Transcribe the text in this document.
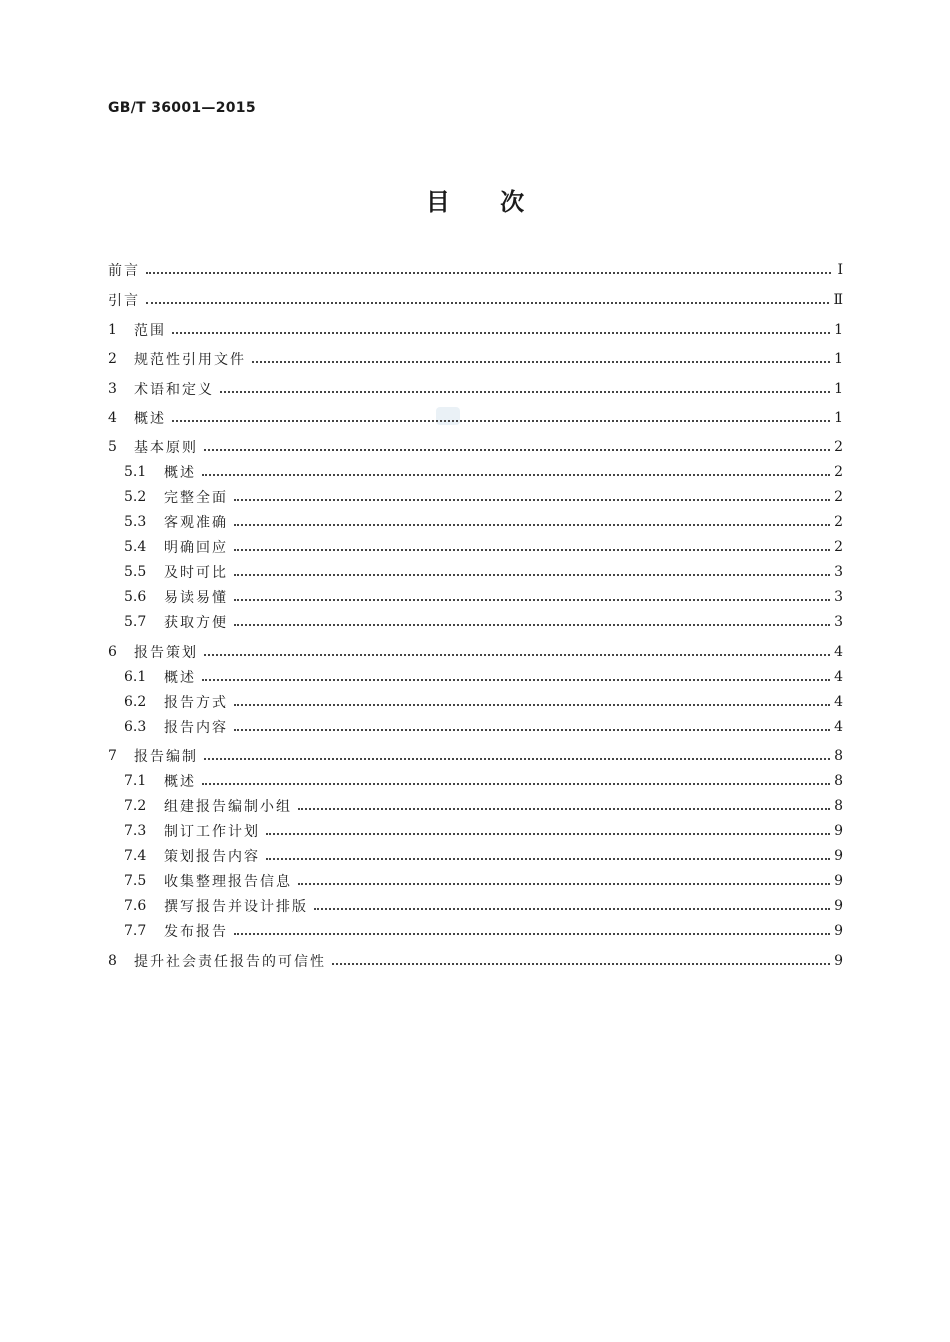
GB/T 36001—2015
目 次
前言	Ⅰ
引言	Ⅱ
1	范围	1
2	规范性引用文件	1
3	术语和定义	1
4	概述	1
5	基本原则	2
5.1	概述	2
5.2	完整全面	2
5.3	客观准确	2
5.4	明确回应	2
5.5	及时可比	3
5.6	易读易懂	3
5.7	获取方便	3
6	报告策划	4
6.1	概述	4
6.2	报告方式	4
6.3	报告内容	4
7	报告编制	8
7.1	概述	8
7.2	组建报告编制小组	8
7.3	制订工作计划	9
7.4	策划报告内容	9
7.5	收集整理报告信息	9
7.6	撰写报告并设计排版	9
7.7	发布报告	9
8	提升社会责任报告的可信性	9
